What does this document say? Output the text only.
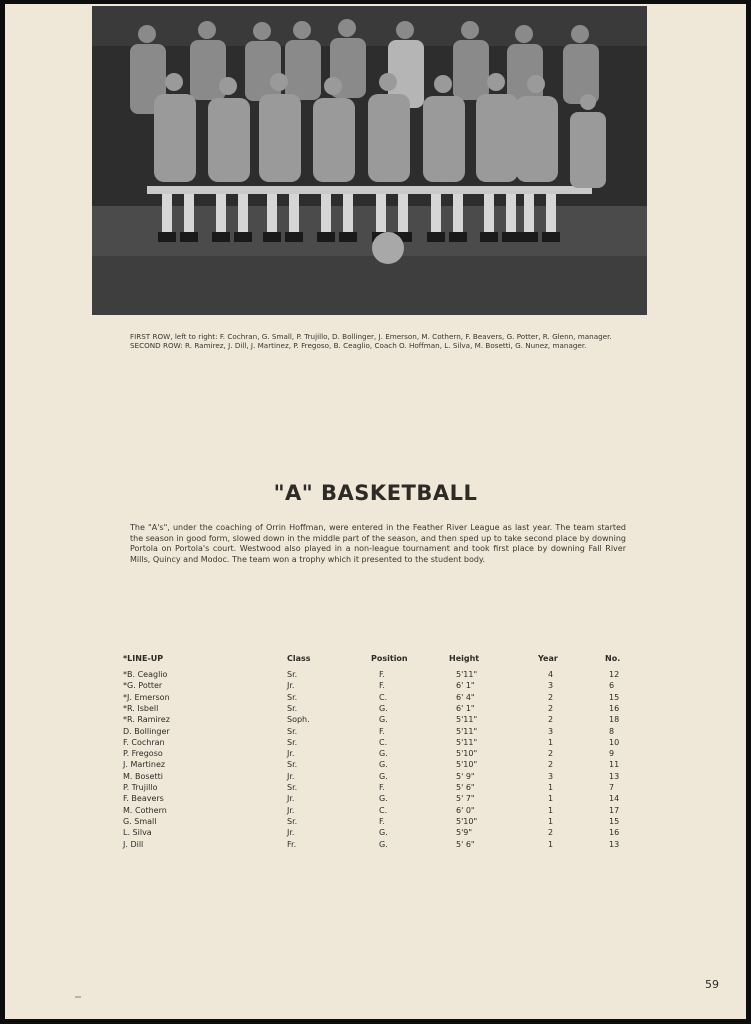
FIRST ROW, left to right: F. Cochran, G. Small, P. Trujillo, D. Bollinger, J. Emerson, M. Cothern, F. Beavers, G. Potter, R. Glenn, manager. SECOND ROW: R. Ramirez, J. Dill, J. Martinez, P. Fregoso, B. Ceaglio, Coach O. Hoffman, L. Silva, M. Bosetti, G. Nunez, manager.
"A" BASKETBALL
The "A's", under the coaching of Orrin Hoffman, were entered in the Feather River League as last year. The team started the season in good form, slowed down in the middle part of the season, and then sped up to take second place by downing Portola on Portola's court. Westwood also played in a non-league tournament and took first place by downing Fall River Mills, Quincy and Modoc. The team won a trophy which it presented to the student body.
*LINE-UP	Class	Position	Height	Year	No.
*B. Ceaglio	Sr.	F.	5'11"	4	12
*G. Potter	Jr.	F.	6' 1"	3	6
*J. Emerson	Sr.	C.	6' 4"	2	15
*R. Isbell	Sr.	G.	6' 1"	2	16
*R. Ramirez	Soph.	G.	5'11"	2	18
D. Bollinger	Sr.	F.	5'11"	3	8
F. Cochran	Sr.	C.	5'11"	1	10
P. Fregoso	Jr.	G.	5'10"	2	9
J. Martinez	Sr.	G.	5'10"	2	11
M. Bosetti	Jr.	G.	5' 9"	3	13
P. Trujillo	Sr.	F.	5' 6"	1	7
F. Beavers	Jr.	G.	5' 7"	1	14
M. Cothern	Jr.	C.	6' 0"	1	17
G. Small	Sr.	F.	5'10"	1	15
L. Silva	Jr.	G.	5'9"	2	16
J. Dill	Fr.	G.	5' 6"	1	13
59
